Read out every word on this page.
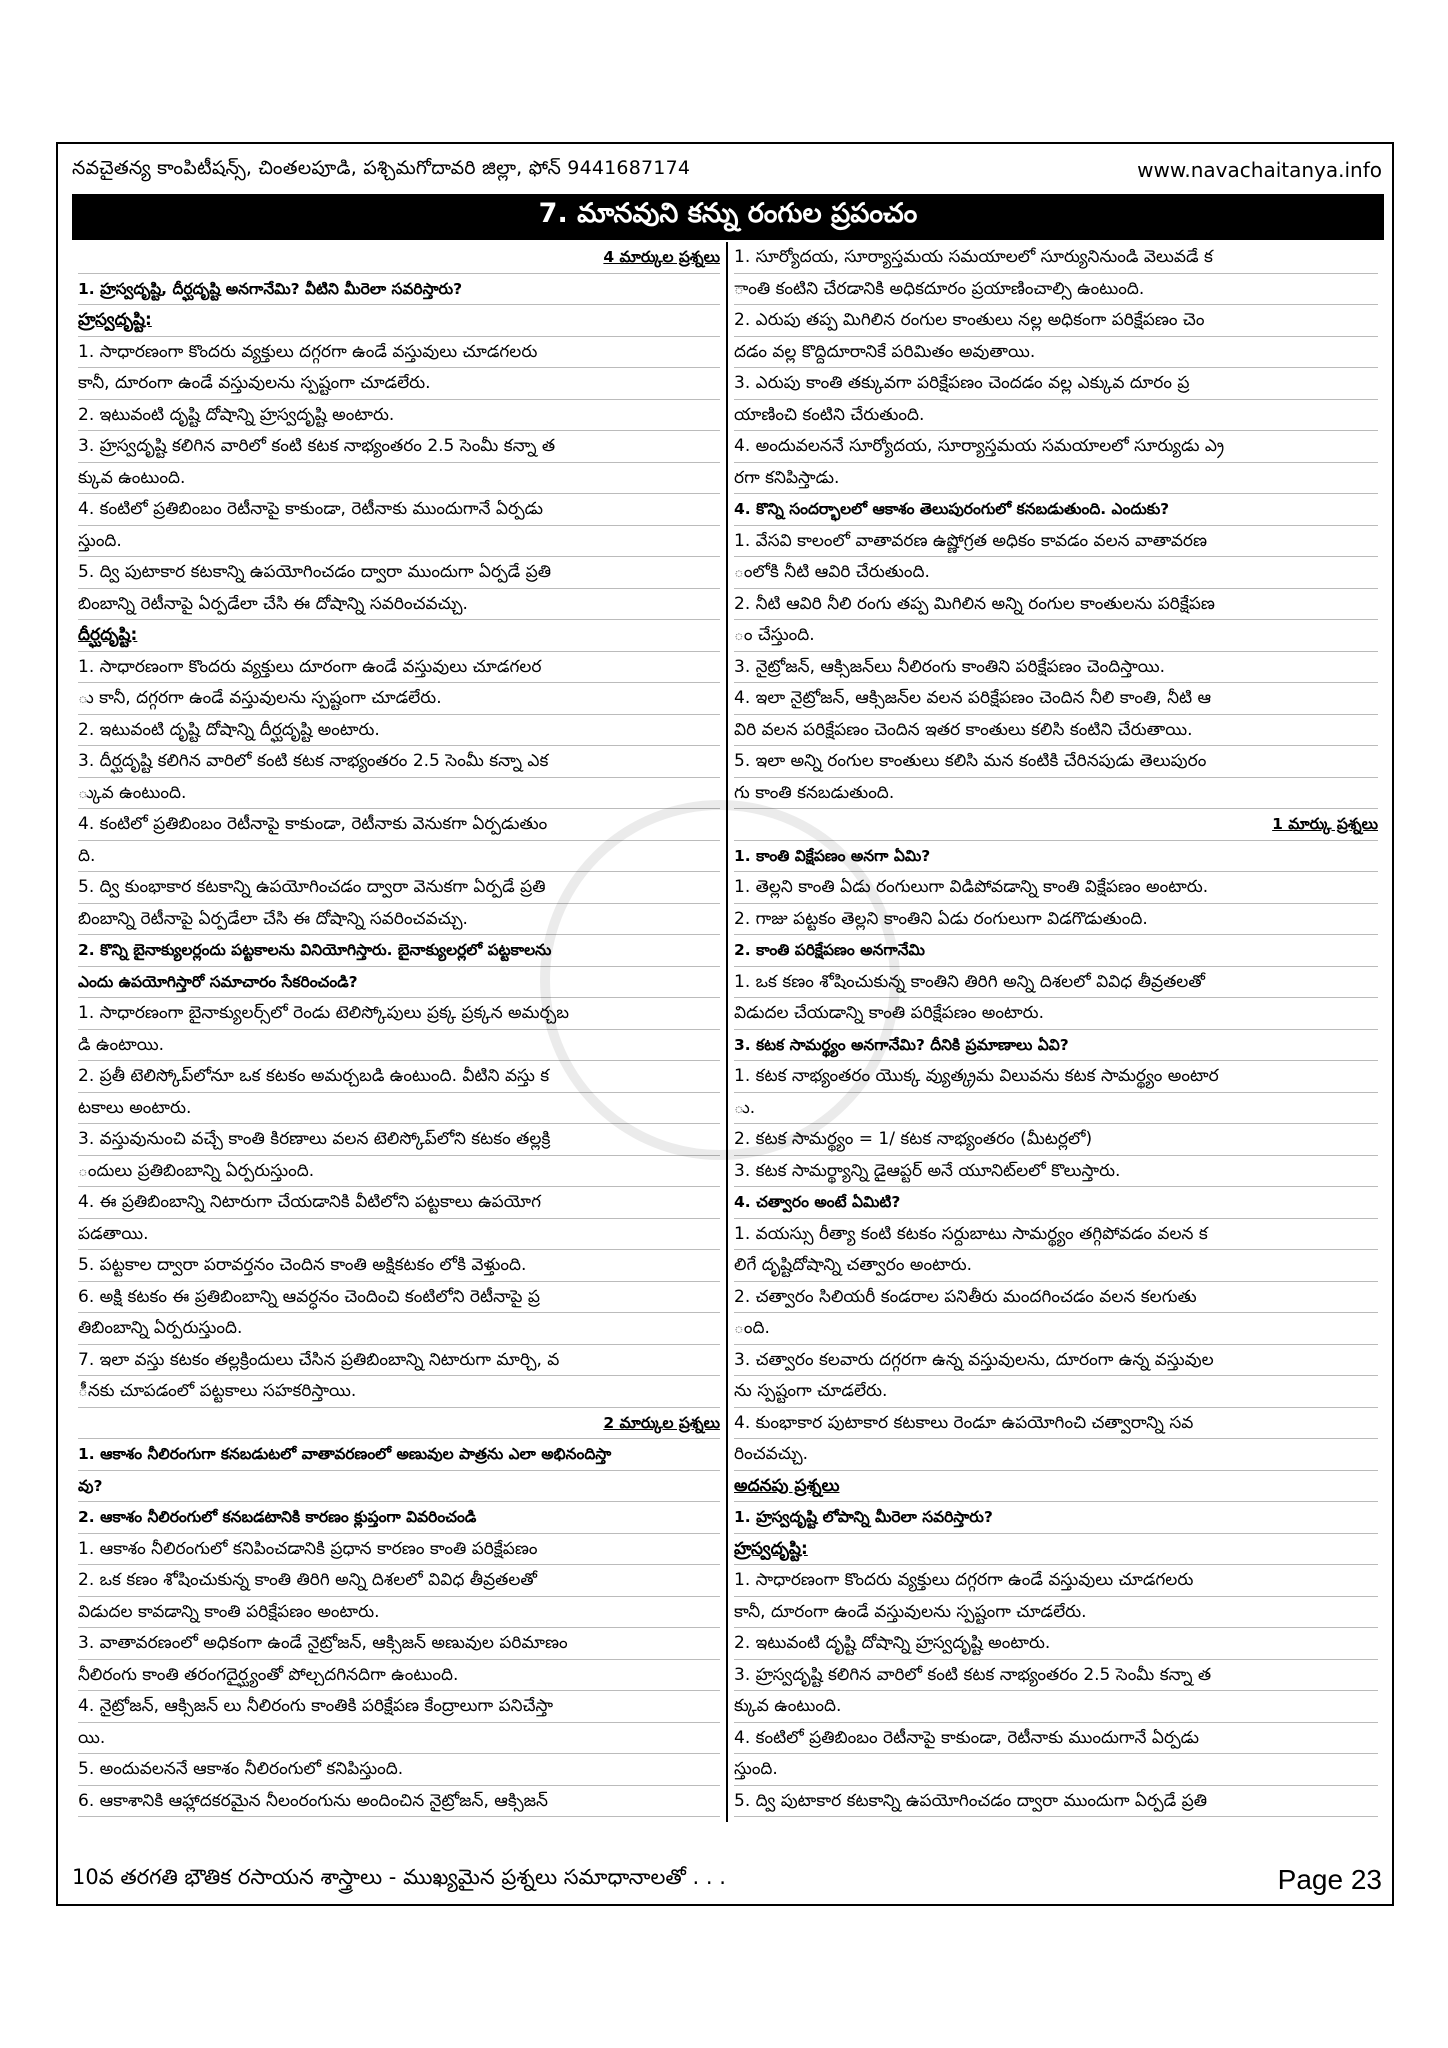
నవచైతన్య కాంపిటీషన్స్, చింతలపూడి, పశ్చిమగోదావరి జిల్లా, ఫోన్ 9441687174	www.navachaitanya.info
7. మానవుని కన్ను రంగుల ప్రపంచం
4 మార్కుల ప్రశ్నలు
1. హ్రస్వదృష్టి, దీర్ఘదృష్టి అనగానేమి? వీటిని మీరెలా సవరిస్తారు?
హ్రస్వదృష్టి:
1. సాధారణంగా కొందరు వ్యక్తులు దగ్గరగా ఉండే వస్తువులు చూడగలరు
కానీ, దూరంగా ఉండే వస్తువులను స్పష్టంగా చూడలేరు.
2. ఇటువంటి దృష్టి దోషాన్ని హ్రస్వదృష్టి అంటారు.
3. హ్రస్వదృష్టి కలిగిన వారిలో కంటి కటక నాభ్యంతరం 2.5 సెంమీ కన్నా త
క్కువ ఉంటుంది.
4. కంటిలో ప్రతిబింబం రెటీనాపై కాకుండా, రెటీనాకు ముందుగానే ఏర్పడు
స్తుంది.
5. ద్వి పుటాకార కటకాన్ని ఉపయోగించడం ద్వారా ముందుగా ఏర్పడే ప్రతి
బింబాన్ని రెటీనాపై ఏర్పడేలా చేసి ఈ దోషాన్ని సవరించవచ్చు.
దీర్ఘదృష్టి:
1. సాధారణంగా కొందరు వ్యక్తులు దూరంగా ఉండే వస్తువులు చూడగలర
ు కానీ, దగ్గరగా ఉండే వస్తువులను స్పష్టంగా చూడలేరు.
2. ఇటువంటి దృష్టి దోషాన్ని దీర్ఘదృష్టి అంటారు.
3. దీర్ఘదృష్టి కలిగిన వారిలో కంటి కటక నాభ్యంతరం 2.5 సెంమీ కన్నా ఎక
్కువ ఉంటుంది.
4. కంటిలో ప్రతిబింబం రెటీనాపై కాకుండా, రెటీనాకు వెనుకగా ఏర్పడుతుం
ది.
5. ద్వి కుంభాకార కటకాన్ని ఉపయోగించడం ద్వారా వెనుకగా ఏర్పడే ప్రతి
బింబాన్ని రెటీనాపై ఏర్పడేలా చేసి ఈ దోషాన్ని సవరించవచ్చు.
2. కొన్ని బైనాక్యులర్లందు పట్టకాలను వినియోగిస్తారు. బైనాక్యులర్లలో పట్టకాలను
ఎందు ఉపయోగిస్తారో సమాచారం సేకరించండి?
1. సాధారణంగా బైనాక్యులర్స్‌లో రెండు టెలిస్కోపులు ప్రక్క ప్రక్కన అమర్చబ
డి ఉంటాయి.
2. ప్రతీ టెలిస్కోప్‌లోనూ ఒక కటకం అమర్చబడి ఉంటుంది. వీటిని వస్తు క
టకాలు అంటారు.
3. వస్తువునుంచి వచ్చే కాంతి కిరణాలు వలన టెలిస్కోప్‌లోని కటకం తల్లక్రి
ందులు ప్రతిబింబాన్ని ఏర్పరుస్తుంది.
4. ఈ ప్రతిబింబాన్ని నిటారుగా చేయడానికి వీటిలోని పట్టకాలు ఉపయోగ
పడతాయి.
5. పట్టకాల ద్వారా పరావర్తనం చెందిన కాంతి అక్షికటకం లోకి వెళ్తుంది.
6. అక్షి కటకం ఈ ప్రతిబింబాన్ని ఆవర్ధనం చెందించి కంటిలోని రెటీనాపై ప్ర
తిబింబాన్ని ఏర్పరుస్తుంది.
7. ఇలా వస్తు కటకం తల్లక్రిందులు చేసిన ప్రతిబింబాన్ని నిటారుగా మార్చి, వ
ీనకు చూపడంలో పట్టకాలు సహకరిస్తాయి.
2 మార్కుల ప్రశ్నలు
1. ఆకాశం నీలిరంగుగా కనబడుటలో వాతావరణంలో అణువుల పాత్రను ఎలా అభినందిస్తా
వు?
2. ఆకాశం నీలిరంగులో కనబడటానికి కారణం క్లుప్తంగా వివరించండి
1. ఆకాశం నీలిరంగులో కనిపించడానికి ప్రధాన కారణం కాంతి పరిక్షేపణం
2. ఒక కణం శోషించుకున్న కాంతి తిరిగి అన్ని దిశలలో వివిధ తీవ్రతలతో
విడుదల కావడాన్ని కాంతి పరిక్షేపణం అంటారు.
3. వాతావరణంలో అధికంగా ఉండే నైట్రోజన్, ఆక్సిజన్ అణువుల పరిమాణం
నీలిరంగు కాంతి తరంగదైర్ఘ్యంతో పోల్చదగినదిగా ఉంటుంది.
4. నైట్రోజన్, ఆక్సిజన్ లు నీలిరంగు కాంతికి పరిక్షేపణ కేంద్రాలుగా పనిచేస్తా
యి.
5. అందువలననే ఆకాశం నీలిరంగులో కనిపిస్తుంది.
6. ఆకాశానికి ఆహ్లాదకరమైన నీలంరంగును అందించిన నైట్రోజన్, ఆక్సిజన్
1. సూర్యోదయ, సూర్యాస్తమయ సమయాలలో సూర్యునినుండి వెలువడే క
ాంతి కంటిని చేరడానికి అధికదూరం ప్రయాణించాల్సి ఉంటుంది.
2. ఎరుపు తప్ప మిగిలిన రంగుల కాంతులు నల్ల అధికంగా పరిక్షేపణం చెం
దడం వల్ల కొద్దిదూరానికే పరిమితం అవుతాయి.
3. ఎరుపు కాంతి తక్కువగా పరిక్షేపణం చెందడం వల్ల ఎక్కువ దూరం ప్ర
యాణించి కంటిని చేరుతుంది.
4. అందువలననే సూర్యోదయ, సూర్యాస్తమయ సమయాలలో సూర్యుడు ఎ్ర
రగా కనిపిస్తాడు.
4. కొన్ని సందర్భాలలో ఆకాశం తెలుపురంగులో కనబడుతుంది. ఎందుకు?
1. వేసవి కాలంలో వాతావరణ ఉష్ణోగ్రత అధికం కావడం వలన వాతావరణ
ంలోకి నీటి ఆవిరి చేరుతుంది.
2. నీటి ఆవిరి నీలి రంగు తప్ప మిగిలిన అన్ని రంగుల కాంతులను పరిక్షేపణ
ం చేస్తుంది.
3. నైట్రోజన్, ఆక్సిజన్‌లు నీలిరంగు కాంతిని పరిక్షేపణం చెందిస్తాయి.
4. ఇలా నైట్రోజన్, ఆక్సిజన్‌ల వలన పరిక్షేపణం చెందిన నీలి కాంతి, నీటి ఆ
విరి వలన పరిక్షేపణం చెందిన ఇతర కాంతులు కలిసి కంటిని చేరుతాయి.
5. ఇలా అన్ని రంగుల కాంతులు కలిసి మన కంటికి చేరినపుడు తెలుపురం
గు కాంతి కనబడుతుంది.
1 మార్కు ప్రశ్నలు
1. కాంతి విక్షేపణం అనగా ఏమి?
1. తెల్లని కాంతి ఏడు రంగులుగా విడిపోవడాన్ని కాంతి విక్షేపణం అంటారు.
2. గాజు పట్టకం తెల్లని కాంతిని ఏడు రంగులుగా విడగొడుతుంది.
2. కాంతి పరిక్షేపణం అనగానేమి
1. ఒక కణం శోషించుకున్న కాంతిని తిరిగి అన్ని దిశలలో వివిధ తీవ్రతలతో
విడుదల చేయడాన్ని కాంతి పరిక్షేపణం అంటారు.
3. కటక సామర్థ్యం అనగానేమి? దీనికి ప్రమాణాలు ఏవి?
1. కటక నాభ్యంతరం యొక్క వ్యుత్క్రమ విలువను కటక సామర్థ్యం అంటార
ు.
2. కటక సామర్థ్యం = 1/ కటక నాభ్యంతరం (మీటర్లలో)
3. కటక సామర్థ్యాన్ని డైఆప్టర్ అనే యూనిట్‌లలో కొలుస్తారు.
4. చత్వారం అంటే ఏమిటి?
1. వయస్సు రీత్యా కంటి కటకం సర్దుబాటు సామర్థ్యం తగ్గిపోవడం వలన క
లిగే దృష్టిదోషాన్ని చత్వారం అంటారు.
2. చత్వారం సిలియరీ కండరాల పనితీరు మందగించడం వలన కలగుతు
ంది.
3. చత్వారం కలవారు దగ్గరగా ఉన్న వస్తువులను, దూరంగా ఉన్న వస్తువుల
ను స్పష్టంగా చూడలేరు.
4. కుంభాకార పుటాకార కటకాలు రెండూ ఉపయోగించి చత్వారాన్ని సవ
రించవచ్చు.
అదనపు ప్రశ్నలు
1. హ్రస్వదృష్టి లోపాన్ని మీరెలా సవరిస్తారు?
హ్రస్వదృష్టి:
1. సాధారణంగా కొందరు వ్యక్తులు దగ్గరగా ఉండే వస్తువులు చూడగలరు
కానీ, దూరంగా ఉండే వస్తువులను స్పష్టంగా చూడలేరు.
2. ఇటువంటి దృష్టి దోషాన్ని హ్రస్వదృష్టి అంటారు.
3. హ్రస్వదృష్టి కలిగిన వారిలో కంటి కటక నాభ్యంతరం 2.5 సెంమీ కన్నా త
క్కువ ఉంటుంది.
4. కంటిలో ప్రతిబింబం రెటీనాపై కాకుండా, రెటీనాకు ముందుగానే ఏర్పడు
స్తుంది.
5. ద్వి పుటాకార కటకాన్ని ఉపయోగించడం ద్వారా ముందుగా ఏర్పడే ప్రతి
10వ తరగతి భౌతిక రసాయన శాస్త్రాలు - ముఖ్యమైన ప్రశ్నలు సమాధానాలతో . . .	Page 23
